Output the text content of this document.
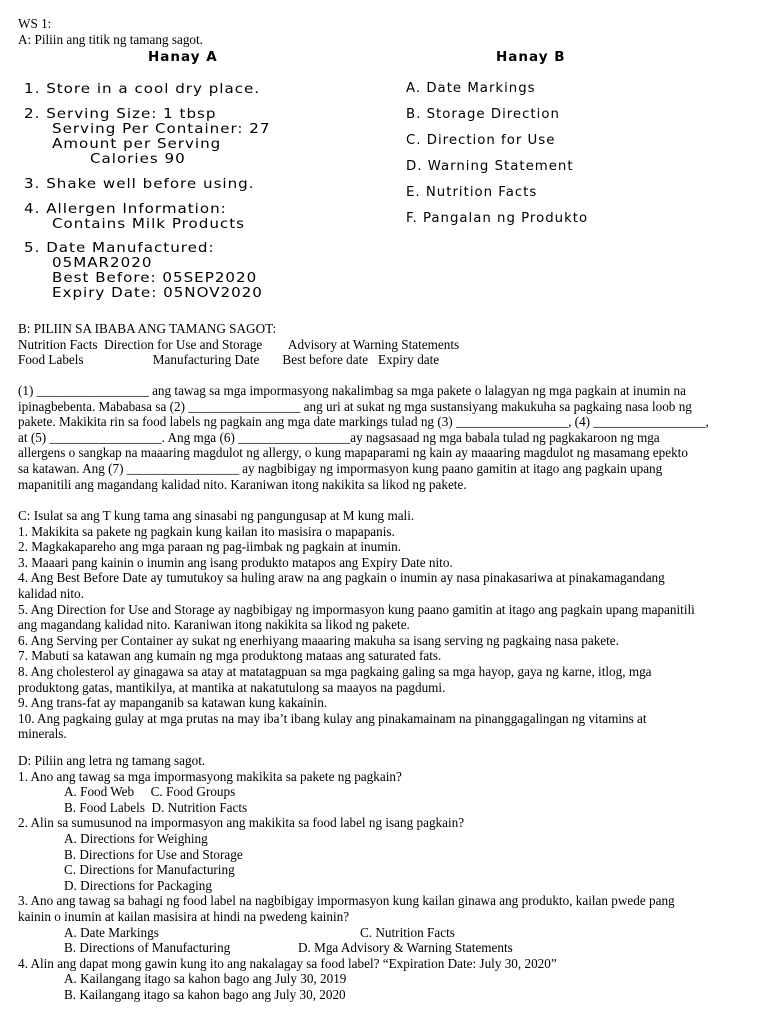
WS 1:
A: Piliin ang titik ng tamang sagot.
Hanay A	Hanay B
1. Store in a cool dry place.
2. Serving Size: 1 tbsp
Serving Per Container: 27
Amount per Serving
Calories 90
3. Shake well before using.
4. Allergen Information:
Contains Milk Products
5. Date Manufactured:
05MAR2020
Best Before: 05SEP2020
Expiry Date: 05NOV2020
A. Date Markings
B. Storage Direction
C. Direction for Use
D. Warning Statement
E. Nutrition Facts
F. Pangalan ng Produkto
B: PILIIN SA IBABA ANG TAMANG SAGOT:
Nutrition Facts  Direction for Use and Storage        Advisory at Warning Statements
Food Labels                     Manufacturing Date       Best before date   Expiry date
(1) _________________ ang tawag sa mga impormasyong nakalimbag sa mga pakete o lalagyan ng mga pagkain at inumin na
ipinagbebenta. Mababasa sa (2) _________________ ang uri at sukat ng mga sustansiyang makukuha sa pagkaing nasa loob ng
pakete. Makikita rin sa food labels ng pagkain ang mga date markings tulad ng (3) _________________, (4) _________________,
at (5) _________________. Ang mga (6) _________________ay nagsasaad ng mga babala tulad ng pagkakaroon ng mga
allergens o sangkap na maaaring magdulot ng allergy, o kung mapaparami ng kain ay maaaring magdulot ng masamang epekto
sa katawan. Ang (7) _________________ ay nagbibigay ng impormasyon kung paano gamitin at itago ang pagkain upang
mapanitili ang magandang kalidad nito. Karaniwan itong nakikita sa likod ng pakete.
C: Isulat sa ang T kung tama ang sinasabi ng pangungusap at M kung mali.
1. Makikita sa pakete ng pagkain kung kailan ito masisira o mapapanis.
2. Magkakapareho ang mga paraan ng pag-iimbak ng pagkain at inumin.
3. Maaari pang kainin o inumin ang isang produkto matapos ang Expiry Date nito.
4. Ang Best Before Date ay tumutukoy sa huling araw na ang pagkain o inumin ay nasa pinakasariwa at pinakamagandang
kalidad nito.
5. Ang Direction for Use and Storage ay nagbibigay ng impormasyon kung paano gamitin at itago ang pagkain upang mapanitili
ang magandang kalidad nito. Karaniwan itong nakikita sa likod ng pakete.
6. Ang Serving per Container ay sukat ng enerhiyang maaaring makuha sa isang serving ng pagkaing nasa pakete.
7. Mabuti sa katawan ang kumain ng mga produktong mataas ang saturated fats.
8. Ang cholesterol ay ginagawa sa atay at matatagpuan sa mga pagkaing galing sa mga hayop, gaya ng karne, itlog, mga
produktong gatas, mantikilya, at mantika at nakatutulong sa maayos na pagdumi.
9. Ang trans-fat ay mapanganib sa katawan kung kakainin.
10. Ang pagkaing gulay at mga prutas na may iba’t ibang kulay ang pinakamainam na pinanggagalingan ng vitamins at
minerals.
D: Piliin ang letra ng tamang sagot.
1. Ano ang tawag sa mga impormasyong makikita sa pakete ng pagkain?
A. Food Web     C. Food Groups
B. Food Labels  D. Nutrition Facts
2. Alin sa sumusunod na impormasyon ang makikita sa food label ng isang pagkain?
A. Directions for Weighing
B. Directions for Use and Storage
C. Directions for Manufacturing
D. Directions for Packaging
3. Ano ang tawag sa bahagi ng food label na nagbibigay impormasyon kung kailan ginawa ang produkto, kailan pwede pang
kainin o inumin at kailan masisira at hindi na pwedeng kainin?
A. Date Markings	C. Nutrition Facts
B. Directions of Manufacturing	D. Mga Advisory & Warning Statements
4. Alin ang dapat mong gawin kung ito ang nakalagay sa food label? “Expiration Date: July 30, 2020”
A. Kailangang itago sa kahon bago ang July 30, 2019
B. Kailangang itago sa kahon bago ang July 30, 2020
